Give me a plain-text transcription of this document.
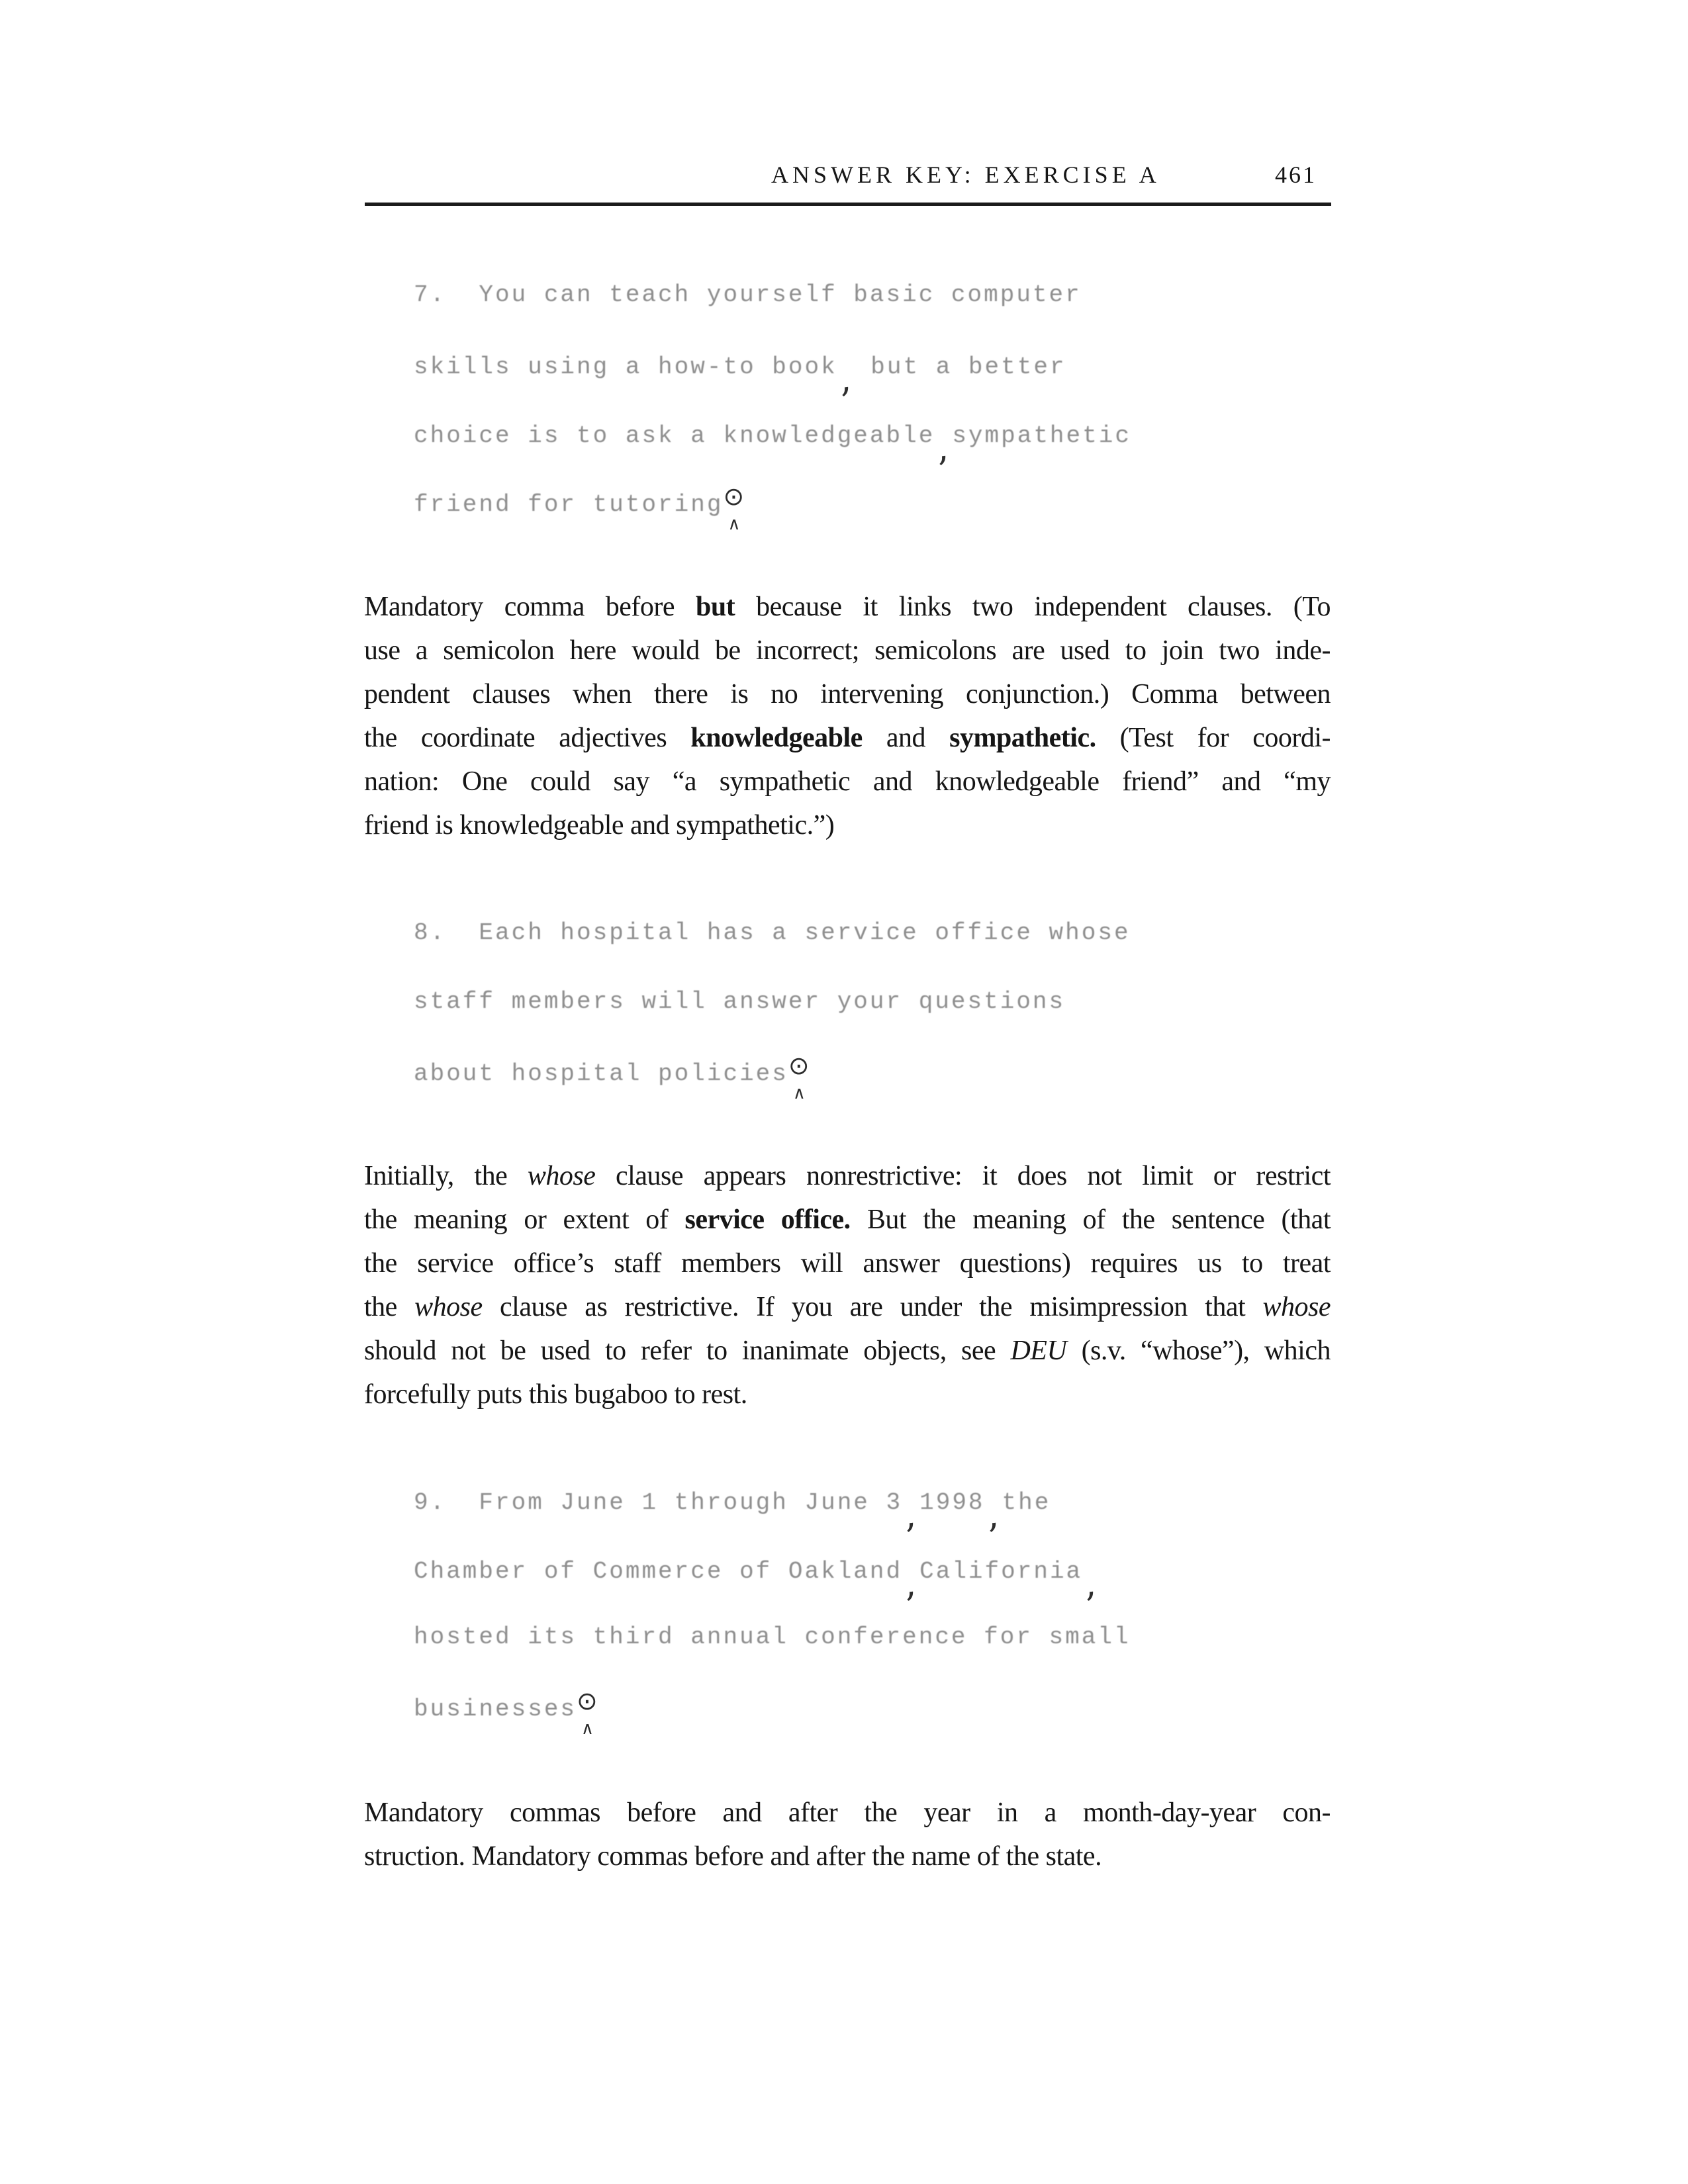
ANSWER KEY: EXERCISE A	461
7.  You can teach yourself basic computer
skills using a how-to book,  but a better
choice is to ask a knowledgeable , sympathetic
friend for tutoring⊙  ∧
Mandatory comma before but because it links two independent clauses. (To
use a semicolon here would be incorrect; semicolons are used to join two inde-
pendent clauses when there is no intervening conjunction.) Comma between
the coordinate adjectives knowledgeable and sympathetic. (Test for coordi-
nation: One could say “a sympathetic and knowledgeable friend” and “my
friend is knowledgeable and sympathetic.”)
8.  Each hospital has a service office whose
staff members will answer your questions
about hospital policies⊙  ∧
Initially, the whose clause appears nonrestrictive: it does not limit or restrict
the meaning or extent of service office. But the meaning of the sentence (that
the service office’s staff members will answer questions) requires us to treat
the whose clause as restrictive. If you are under the misimpression that whose
should not be used to refer to inanimate objects, see DEU (s.v. “whose”), which
forcefully puts this bugaboo to rest.
9.  From June 1 through June 3 , 1998 , the
Chamber of Commerce of Oakland , California,
hosted its third annual conference for small
businesses⊙  ∧
Mandatory commas before and after the year in a month-day-year con-
struction. Mandatory commas before and after the name of the state.
